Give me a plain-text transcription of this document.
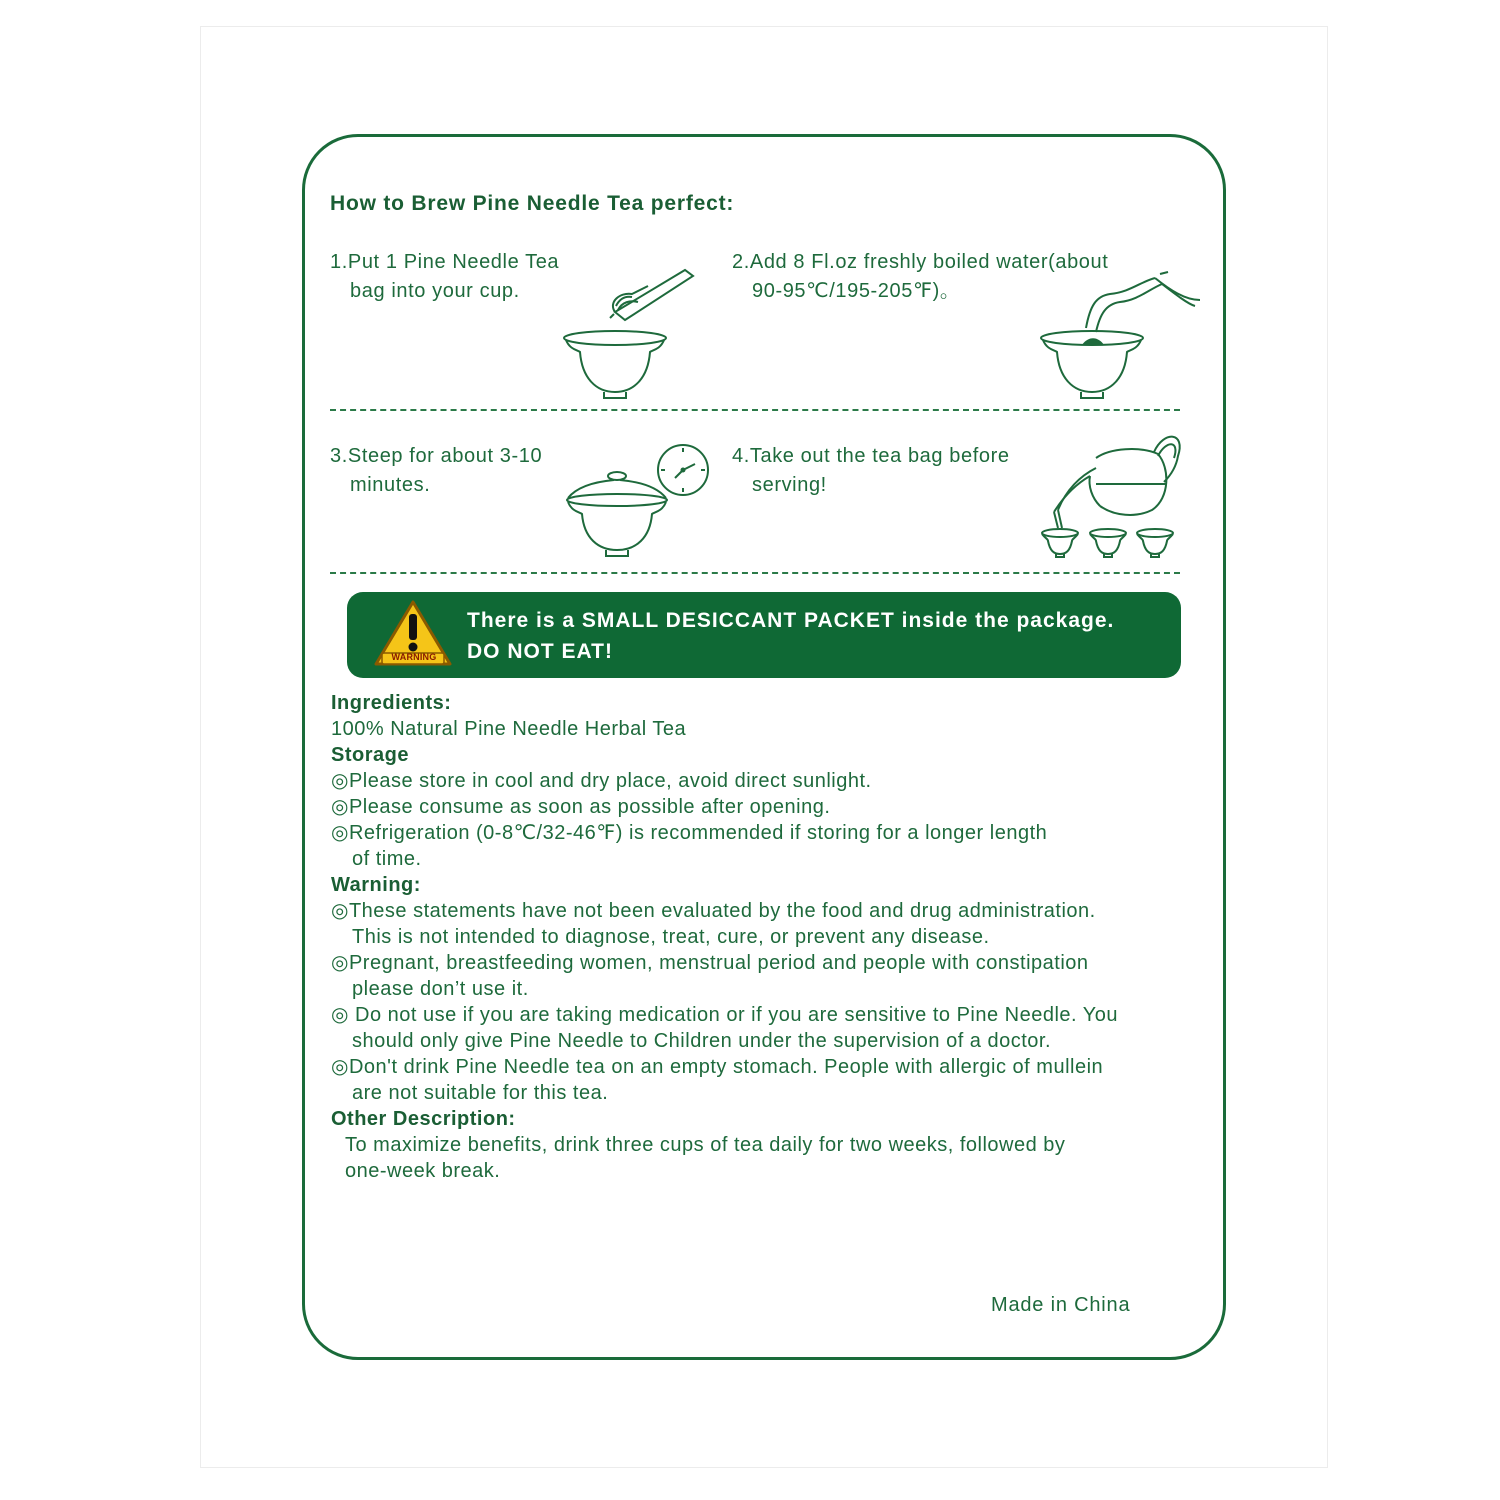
How to Brew Pine Needle Tea perfect:
1.Put 1 Pine Needle Tea
bag into your cup.
2.Add 8 Fl.oz freshly boiled water(about
90-95℃/195-205℉)。
3.Steep for about 3-10
minutes.
4.Take out the tea bag before
serving!
WARNING
There is a SMALL DESICCANT PACKET inside the package.
DO NOT EAT!
Ingredients:
100% Natural Pine Needle Herbal Tea
Storage
◎Please store in cool and dry place, avoid direct sunlight.
◎Please consume as soon as possible after opening.
◎Refrigeration (0-8℃/32-46℉) is recommended if storing for a longer length
of time.
Warning:
◎These statements have not been evaluated by the food and drug administration.
This is not intended to diagnose, treat, cure, or prevent any disease.
◎Pregnant, breastfeeding women, menstrual period and people with constipation
please don’t use it.
◎ Do not use if you are taking medication or if you are sensitive to Pine Needle. You
should only give Pine Needle to Children under the supervision of a doctor.
◎Don't drink Pine Needle tea on an empty stomach. People with allergic of mullein
are not suitable for this tea.
Other Description:
To maximize benefits, drink three cups of tea daily for two weeks, followed by
one-week break.
Made in China
